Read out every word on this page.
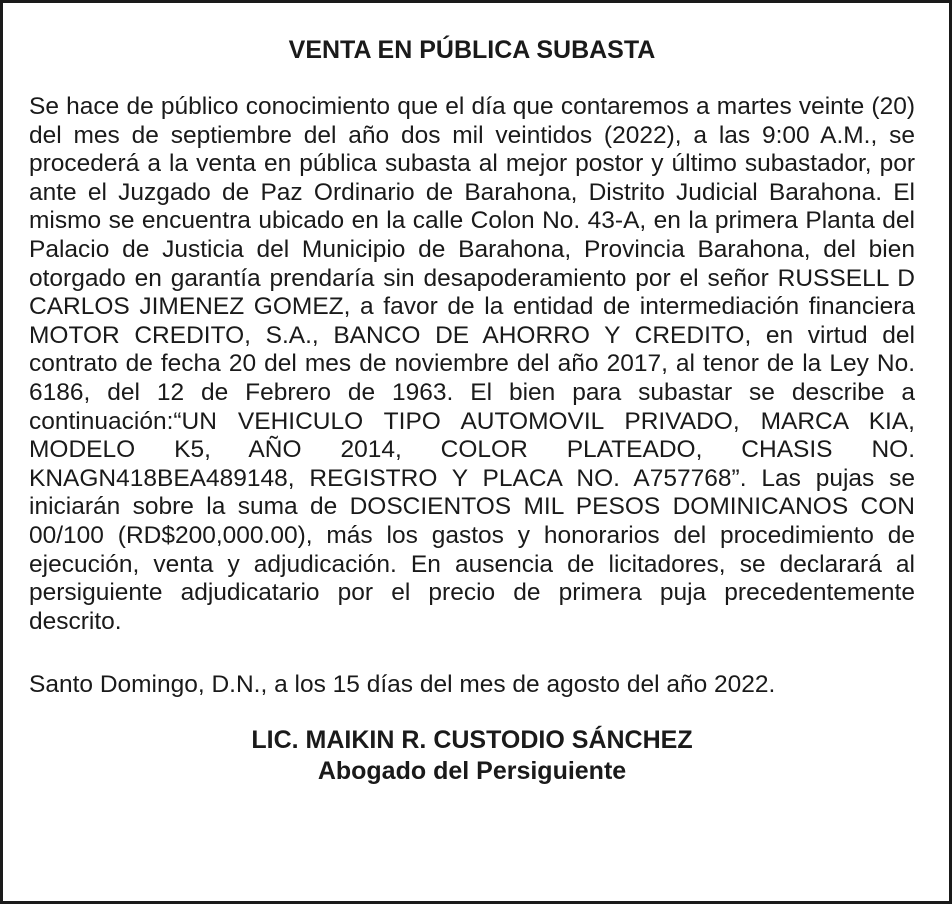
VENTA EN PÚBLICA SUBASTA

Se hace de público conocimiento que el día que contaremos a martes veinte (20) del mes de septiembre del año dos mil veintidos (2022), a las 9:00 A.M., se procederá a la venta en pública subasta al mejor postor y último subastador, por ante el Juzgado de Paz Ordinario de Barahona, Distrito Judicial Barahona. El mismo se encuentra ubicado en la calle Colon No. 43-A, en la primera Planta del Palacio de Justicia del Municipio de Barahona, Provincia Barahona, del bien otorgado en garantía prendaría sin desapoderamiento por el señor RUSSELL D CARLOS JIMENEZ GOMEZ, a favor de la entidad de intermediación financiera MOTOR CREDITO, S.A., BANCO DE AHORRO Y CREDITO, en virtud del contrato de fecha 20 del mes de noviembre del año 2017, al tenor de la Ley No. 6186, del 12 de Febrero de 1963. El bien para subastar se describe a continuación:“UN VEHICULO TIPO AUTOMOVIL PRIVADO, MARCA KIA, MODELO K5, AÑO 2014, COLOR PLATEADO, CHASIS NO. KNAGN418BEA489148, REGISTRO Y PLACA NO. A757768”. Las pujas se iniciarán sobre la suma de DOSCIENTOS MIL PESOS DOMINICANOS CON 00/100 (RD$200,000.00), más los gastos y honorarios del procedimiento de ejecución, venta y adjudicación. En ausencia de licitadores, se declarará al persiguiente adjudicatario por el precio de primera puja precedentemente descrito.

Santo Domingo, D.N., a los 15 días del mes de agosto del año 2022.

LIC. MAIKIN R. CUSTODIO SÁNCHEZ
Abogado del Persiguiente
